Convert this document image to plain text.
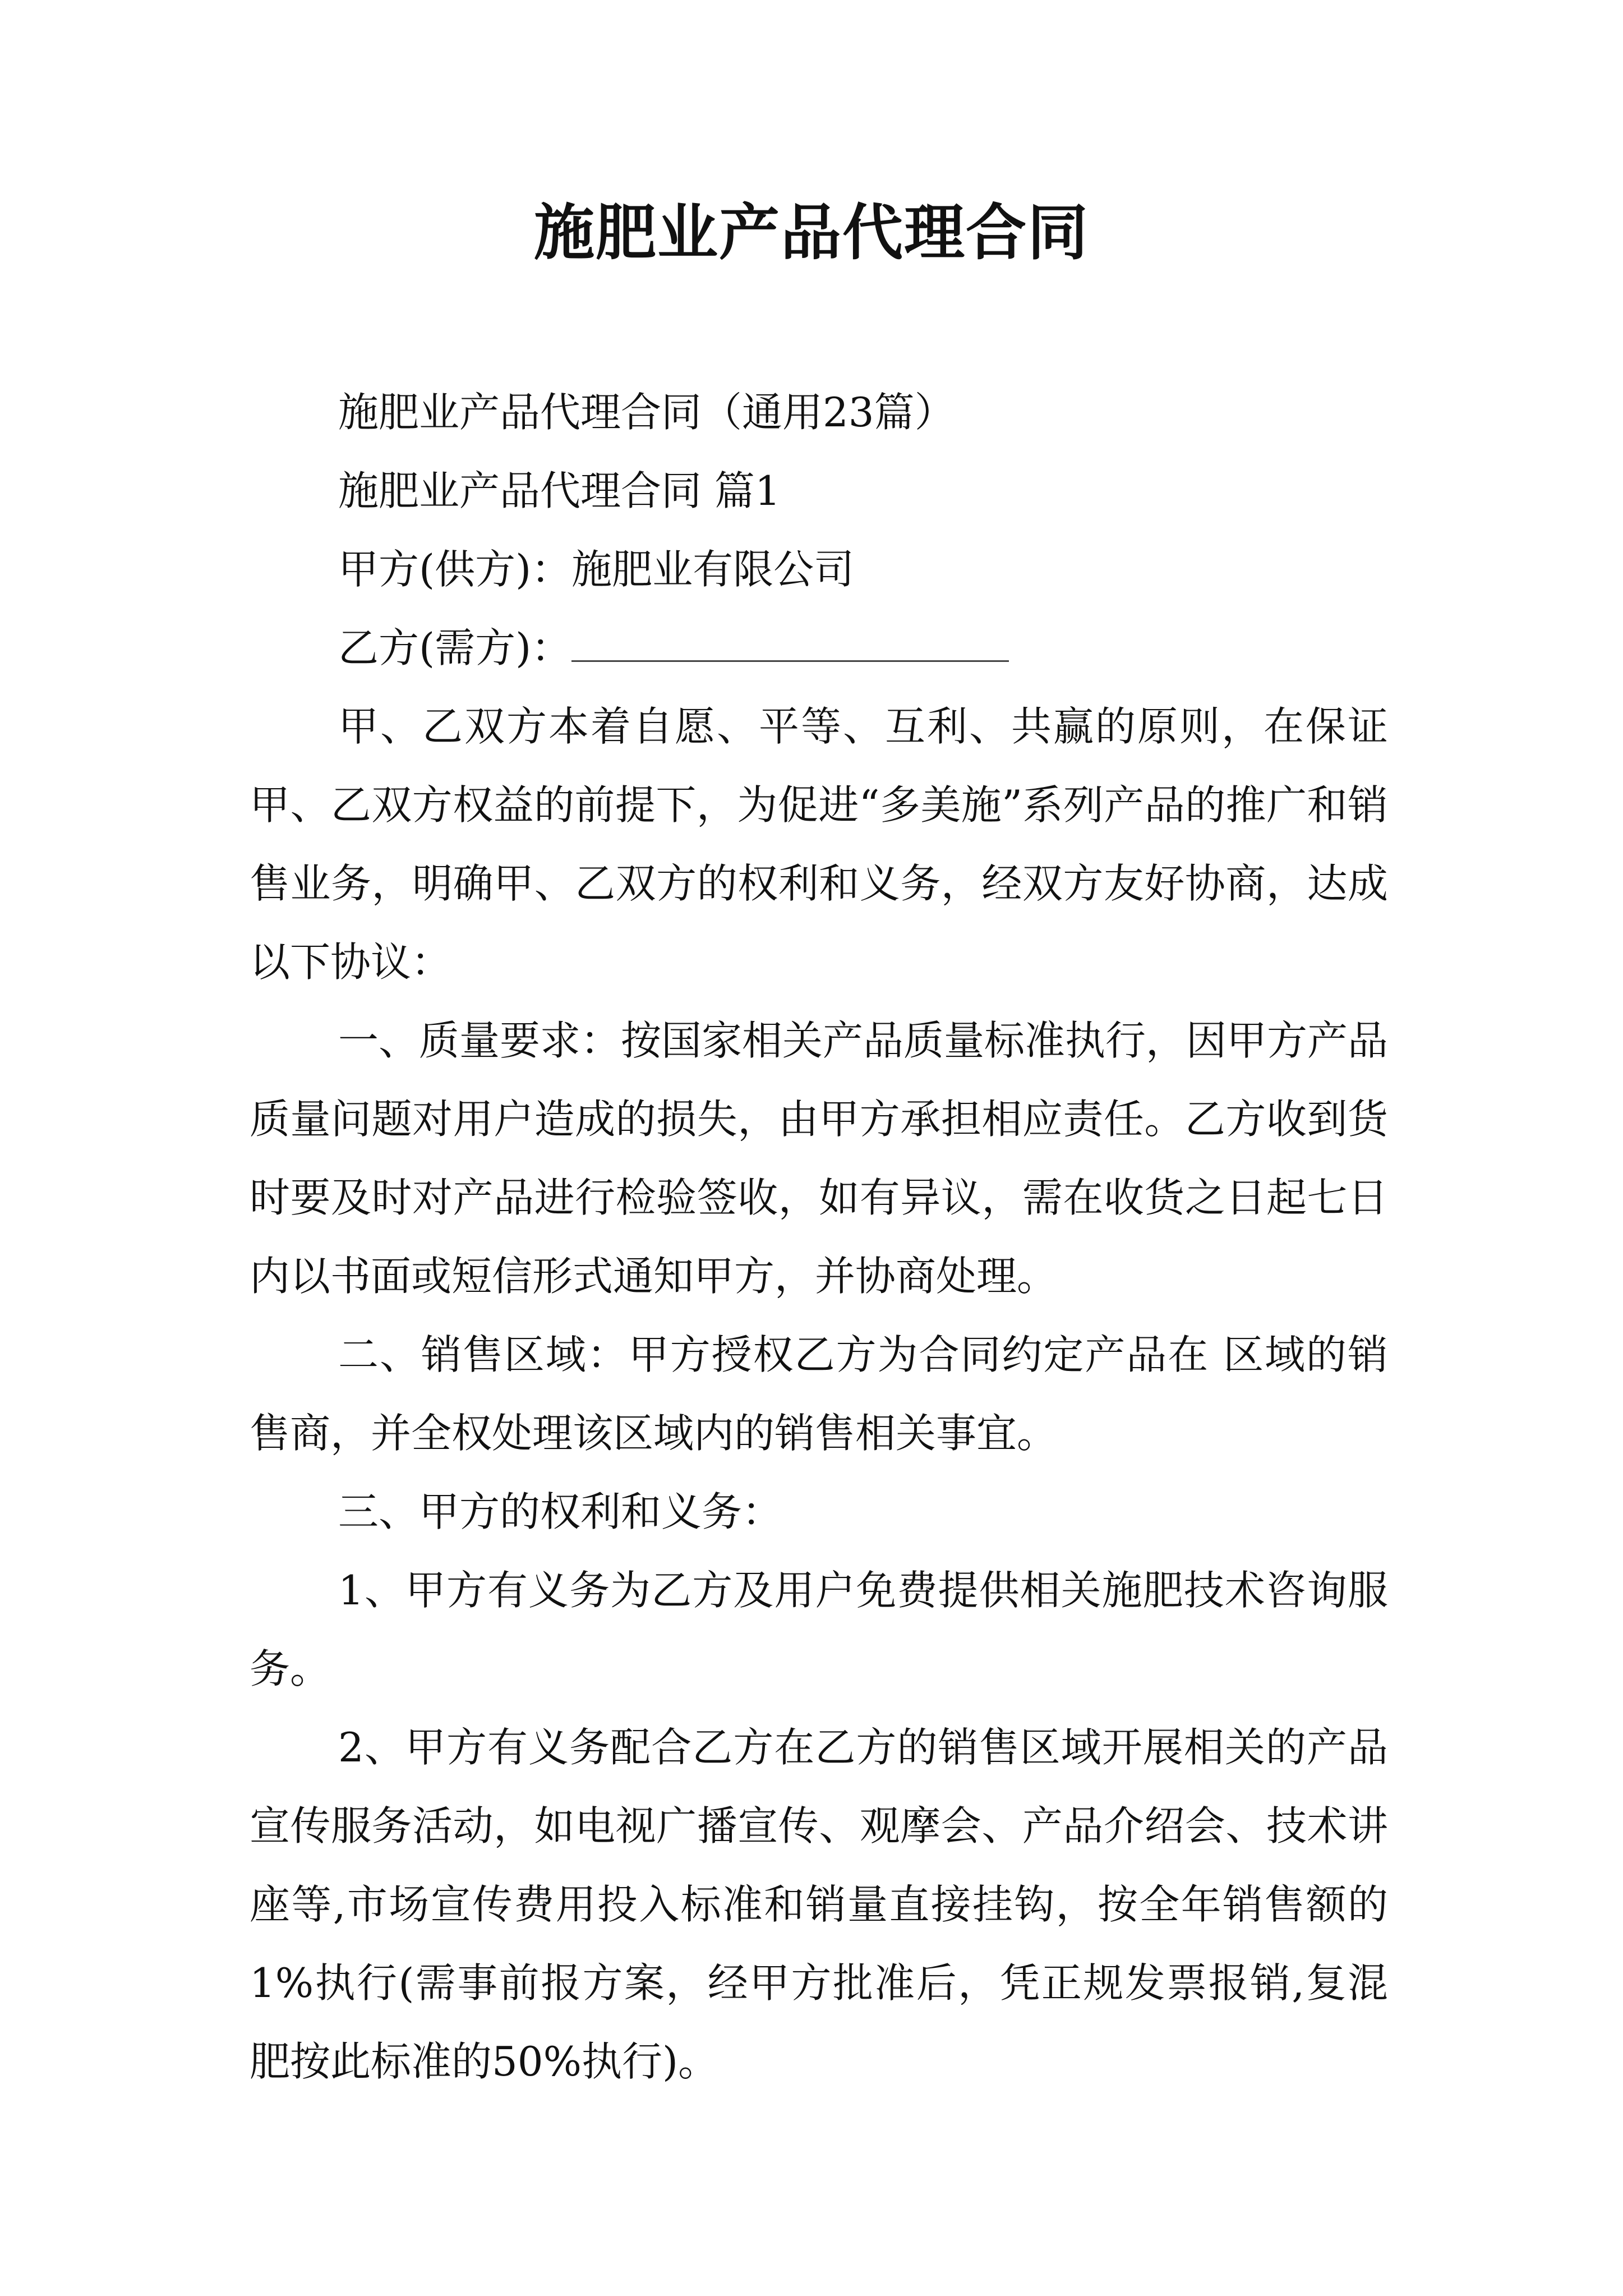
施肥业产品代理合同

施肥业产品代理合同（通用23篇）

施肥业产品代理合同 篇1

甲方(供方)：施肥业有限公司

乙方(需方)：

甲、乙双方本着自愿、平等、互利、共赢的原则，在保证甲、乙双方权益的前提下，为促进“多美施”系列产品的推广和销售业务，明确甲、乙双方的权利和义务，经双方友好协商，达成以下协议：

一、质量要求：按国家相关产品质量标准执行，因甲方产品质量问题对用户造成的损失，由甲方承担相应责任。乙方收到货时要及时对产品进行检验签收，如有异议，需在收货之日起七日内以书面或短信形式通知甲方，并协商处理。

二、销售区域：甲方授权乙方为合同约定产品在 区域的销售商，并全权处理该区域内的销售相关事宜。

三、甲方的权利和义务：

1、甲方有义务为乙方及用户免费提供相关施肥技术咨询服务。

2、甲方有义务配合乙方在乙方的销售区域开展相关的产品宣传服务活动，如电视广播宣传、观摩会、产品介绍会、技术讲座等,市场宣传费用投入标准和销量直接挂钩，按全年销售额的1%执行(需事前报方案，经甲方批准后，凭正规发票报销,复混肥按此标准的50%执行)。
